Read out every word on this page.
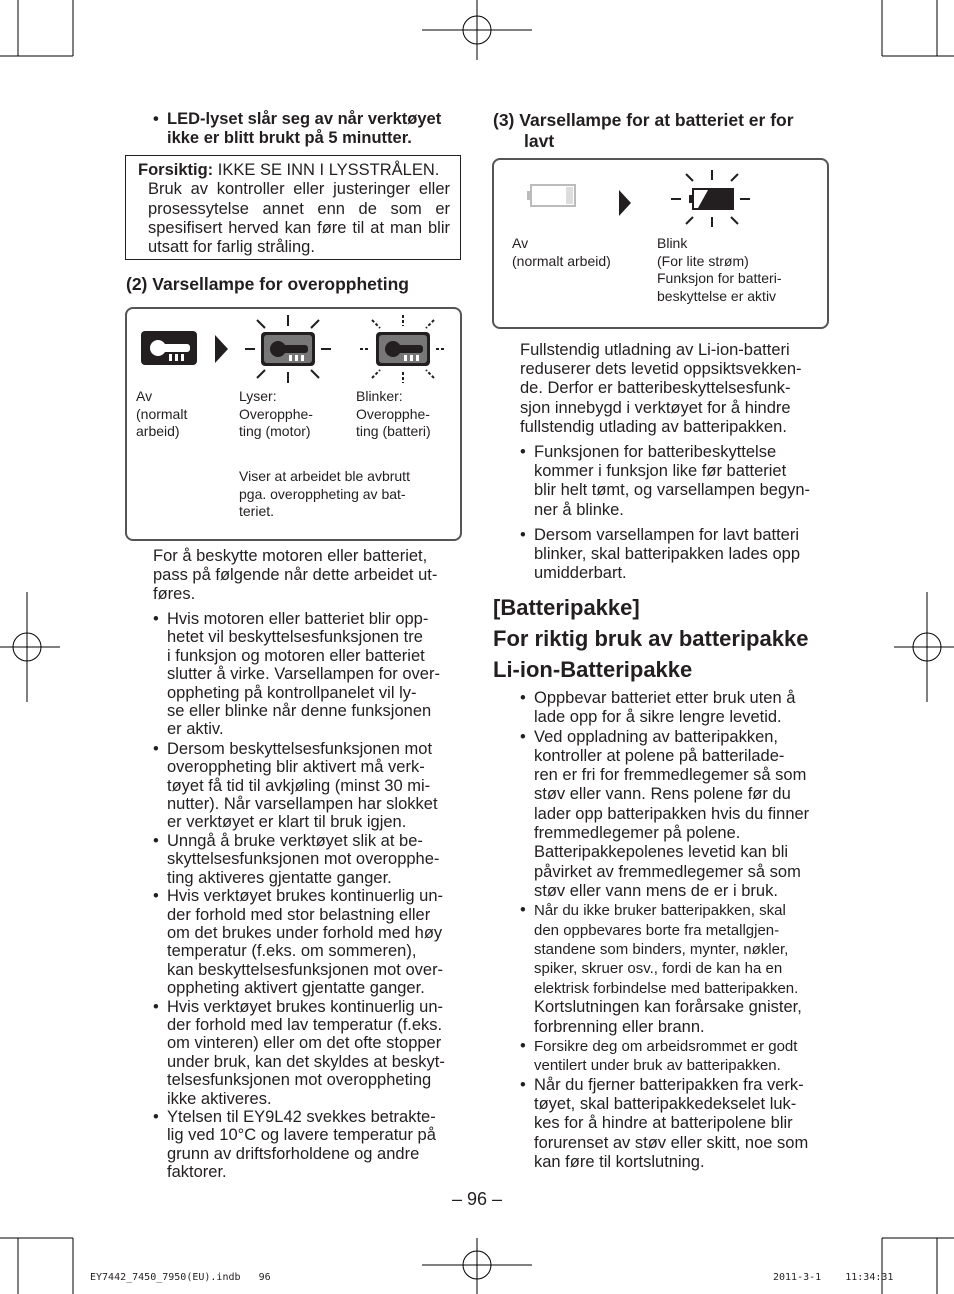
• LED-lyset slår seg av når verktøyet ikke er blitt brukt på 5 minutter.
Forsiktig: IKKE SE INN I LYSSTRÅLEN.
Bruk av kontroller eller justeringer eller prosessytelse annet enn de som er spesifisert herved kan føre til at man blir utsatt for farlig stråling.
(2) Varsellampe for overoppheting
Av
(normalt
arbeid)
Lyser:
Overopphe-
ting (motor)
Blinker:
Overopphe-
ting (batteri)
Viser at arbeidet ble avbrutt
pga. overoppheting av bat-
teriet.
For å beskytte motoren eller batteriet,
pass på følgende når dette arbeidet ut-
føres.
• Hvis motoren eller batteriet blir opp-
hetet vil beskyttelsesfunksjonen tre
i funksjon og motoren eller batteriet
slutter å virke. Varsellampen for over-
oppheting på kontrollpanelet vil ly-
se eller blinke når denne funksjonen
er aktiv.
• Dersom beskyttelsesfunksjonen mot
overoppheting blir aktivert må verk-
tøyet få tid til avkjøling (minst 30 mi-
nutter). Når varsellampen har slokket
er verktøyet er klart til bruk igjen.
• Unngå å bruke verktøyet slik at be-
skyttelsesfunksjonen mot overopphe-
ting aktiveres gjentatte ganger.
• Hvis verktøyet brukes kontinuerlig un-
der forhold med stor belastning eller
om det brukes under forhold med høy
temperatur (f.eks. om sommeren),
kan beskyttelsesfunksjonen mot over-
oppheting aktivert gjentatte ganger.
• Hvis verktøyet brukes kontinuerlig un-
der forhold med lav temperatur (f.eks.
om vinteren) eller om det ofte stopper
under bruk, kan det skyldes at beskyt-
telsesfunksjonen mot overoppheting
ikke aktiveres.
• Ytelsen til EY9L42 svekkes betrakte-
lig ved 10°C og lavere temperatur på
grunn av driftsforholdene og andre
faktorer.
(3) Varsellampe for at batteriet er for
lavt
Av
(normalt arbeid)
Blink
(For lite strøm)
Funksjon for batteri-
beskyttelse er aktiv
Fullstendig utladning av Li-ion-batteri
reduserer dets levetid oppsiktsvekken-
de. Derfor er batteribeskyttelsesfunk-
sjon innebygd i verktøyet for å hindre
fullstendig utlading av batteripakken.
• Funksjonen for batteribeskyttelse
kommer i funksjon like før batteriet
blir helt tømt, og varsellampen begyn-
ner å blinke.
• Dersom varsellampen for lavt batteri
blinker, skal batteripakken lades opp
umidderbart.
[Batteripakke]
For riktig bruk av batteripakke
Li-ion-Batteripakke
• Oppbevar batteriet etter bruk uten å
lade opp for å sikre lengre levetid.
• Ved oppladning av batteripakken,
kontroller at polene på batterilade-
ren er fri for fremmedlegemer så som
støv eller vann. Rens polene før du
lader opp batteripakken hvis du finner
fremmedlegemer på polene.
Batteripakkepolenes levetid kan bli
påvirket av fremmedlegemer så som
støv eller vann mens de er i bruk.
• Når du ikke bruker batteripakken, skal
den oppbevares borte fra metallgjen-
standene som binders, mynter, nøkler,
spiker, skruer osv., fordi de kan ha en
elektrisk forbindelse med batteripakken.
Kortslutningen kan forårsake gnister,
forbrenning eller brann.
• Forsikre deg om arbeidsrommet er godt
ventilert under bruk av batteripakken.
• Når du fjerner batteripakken fra verk-
tøyet, skal batteripakkedekselet luk-
kes for å hindre at batteripolene blir
forurenset av støv eller skitt, noe som
kan føre til kortslutning.
– 96 –
EY7442_7450_7950(EU).indb   96	2011-3-1    11:34:31
